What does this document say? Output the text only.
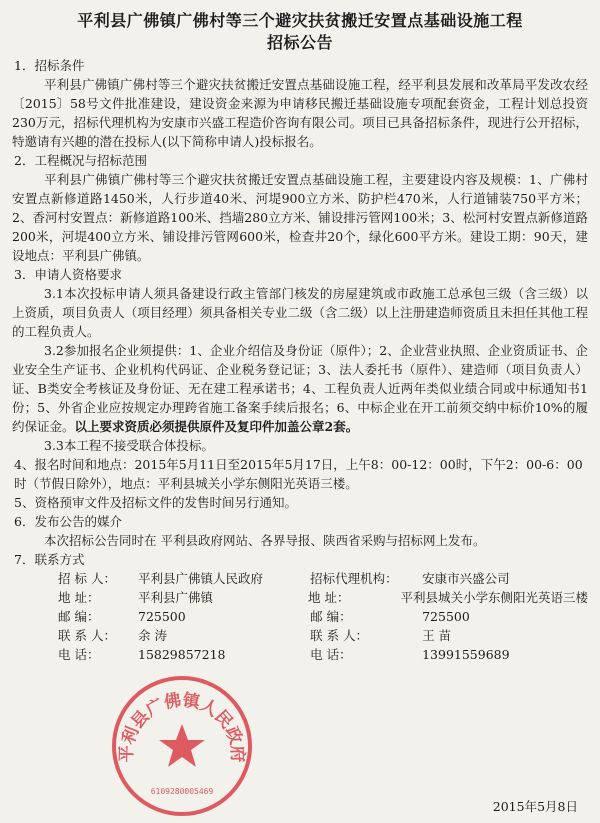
平利县广佛镇广佛村等三个避灾扶贫搬迁安置点基础设施工程
招标公告

1．招标条件

平利县广佛镇广佛村等三个避灾扶贫搬迁安置点基础设施工程，经平利县发展和改革局平发改农经〔2015〕58号文件批准建设，建设资金来源为申请移民搬迁基础设施专项配套资金，工程计划总投资230万元，招标代理机构为安康市兴盛工程造价咨询有限公司。项目已具备招标条件，现进行公开招标，特邀请有兴趣的潜在投标人(以下简称申请人)投标报名。

2．工程概况与招标范围

平利县广佛镇广佛村等三个避灾扶贫搬迁安置点基础设施工程，主要建设内容及规模：1、广佛村安置点新修道路1450米，人行步道40米、河堤900立方米、防护栏470米，人行道铺装750平方米；2、香河村安置点：新修道路100米、挡墙280立方米、铺设排污管网100米；3、松河村安置点新修道路200米，河堤400立方米、铺设排污管网600米，检查井20个，绿化600平方米。建设工期：90天，建设地点：平利县广佛镇。

3．申请人资格要求

3.1本次投标申请人须具备建设行政主管部门核发的房屋建筑或市政施工总承包三级（含三级）以上资质，项目负责人（项目经理）须具备相关专业二级（含二级）以上注册建造师资质且未担任其他工程的工程负责人。

3.2参加报名企业须提供：1、企业介绍信及身份证（原件）；2、企业营业执照、企业资质证书、企业安全生产证书、企业机构代码证、企业税务登记证；3、法人委托书（原件）、建造师（项目负责人）证、B类安全考核证及身份证、无在建工程承诺书；4、工程负责人近两年类似业绩合同或中标通知书1份；5、外省企业应按规定办理跨省施工备案手续后报名；6、中标企业在开工前须交纳中标价10%的履约保证金。以上要求资质必须提供原件及复印件加盖公章2套。

3.3本工程不接受联合体投标。

4、报名时间和地点：2015年5月11日至2015年5月17日，上午8：00-12：00时，下午2：00-6：00时（节假日除外），地点：平利县城关小学东侧阳光英语三楼。

5、资格预审文件及招标文件的发售时间另行通知。

6．发布公告的媒介

本次招标公告同时在 平利县政府网站、各界导报、陕西省采购与招标网上发布。

7．联系方式

招 标 人：	平利县广佛镇人民政府	招标代理机构：	安康市兴盛公司
地 址：	平利县广佛镇	地 址：	平利县城关小学东侧阳光英语三楼
邮 编：	725500	邮 编：	725500
联 系 人：	余 涛	联 系 人：	王 苗
电 话：	15829857218	电 话：	13991559689
2015年5月8日
平利县广佛镇人民政府
6109280005469
